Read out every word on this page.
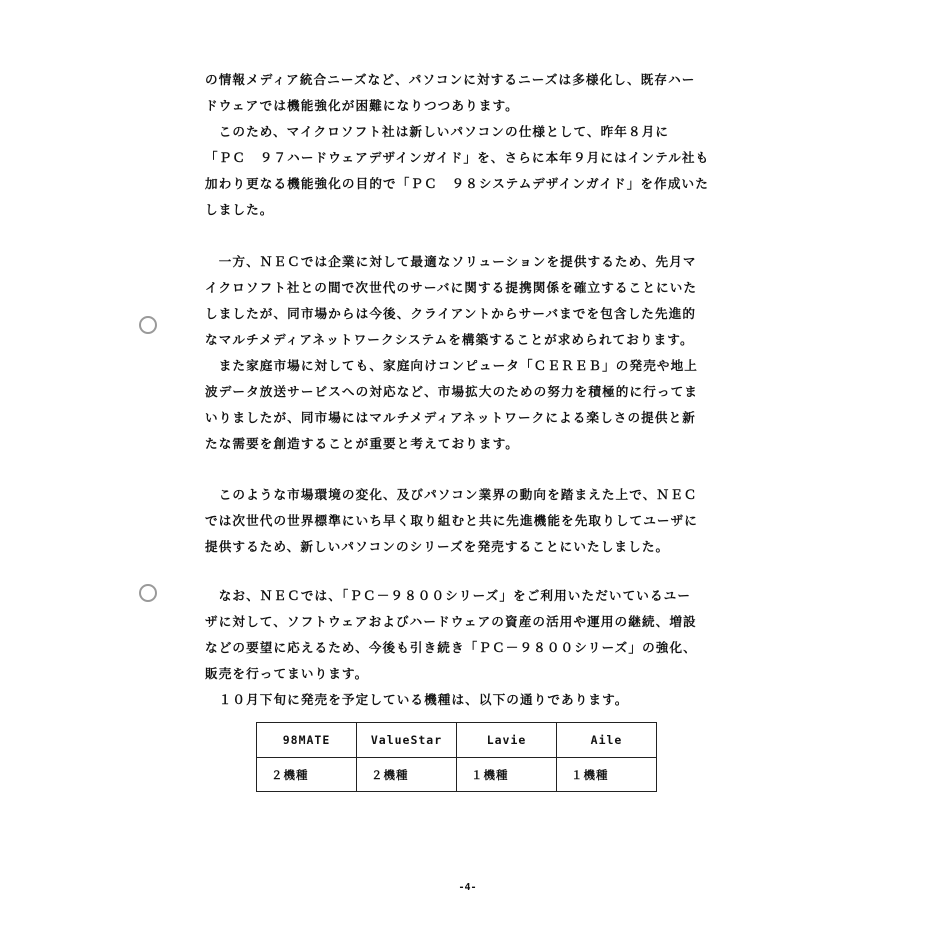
の情報メディア統合ニーズなど、パソコンに対するニーズは多様化し、既存ハー
ドウェアでは機能強化が困難になりつつあります。
　このため、マイクロソフト社は新しいパソコンの仕様として、昨年８月に
「ＰＣ　９７ハードウェアデザインガイド」を、さらに本年９月にはインテル社も
加わり更なる機能強化の目的で「ＰＣ　９８システムデザインガイド」を作成いた
しました。
　一方、ＮＥＣでは企業に対して最適なソリューションを提供するため、先月マ
イクロソフト社との間で次世代のサーバに関する提携関係を確立することにいた
しましたが、同市場からは今後、クライアントからサーバまでを包含した先進的
なマルチメディアネットワークシステムを構築することが求められております。
　また家庭市場に対しても、家庭向けコンピュータ「ＣＥＲＥＢ」の発売や地上
波データ放送サービスへの対応など、市場拡大のための努力を積極的に行ってま
いりましたが、同市場にはマルチメディアネットワークによる楽しさの提供と新
たな需要を創造することが重要と考えております。
　このような市場環境の変化、及びパソコン業界の動向を踏まえた上で、ＮＥＣ
では次世代の世界標準にいち早く取り組むと共に先進機能を先取りしてユーザに
提供するため、新しいパソコンのシリーズを発売することにいたしました。
　なお、ＮＥＣでは、「ＰＣ－９８００シリーズ」をご利用いただいているユー
ザに対して、ソフトウェアおよびハードウェアの資産の活用や運用の継続、増設
などの要望に応えるため、今後も引き続き「ＰＣ－９８００シリーズ」の強化、
販売を行ってまいります。
　１０月下旬に発売を予定している機種は、以下の通りであります。
98MATE	ValueStar	Lavie	Aile
２機種	２機種	１機種	１機種
-4-
